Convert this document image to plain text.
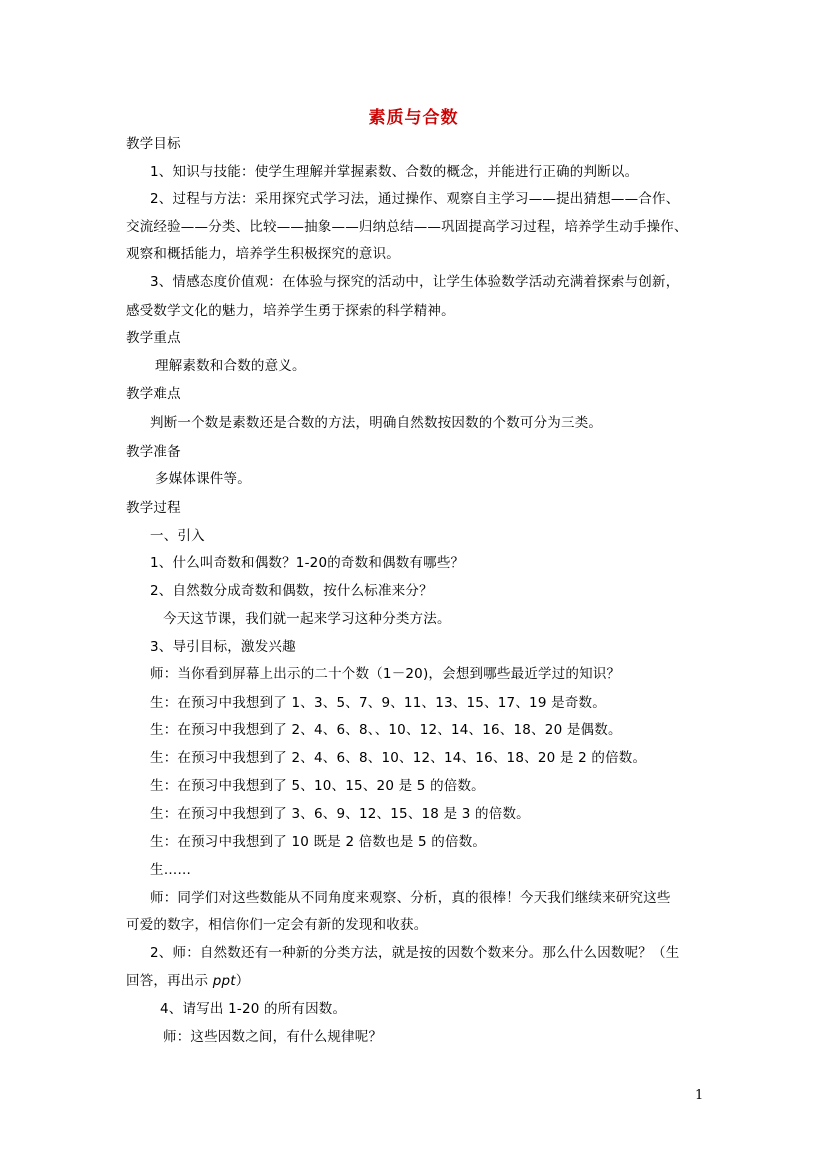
素质与合数
教学目标
1、知识与技能：使学生理解并掌握素数、合数的概念，并能进行正确的判断以。
2、过程与方法：采用探究式学习法，通过操作、观察自主学习——提出猜想——合作、
交流经验——分类、比较——抽象——归纳总结——巩固提高学习过程，培养学生动手操作、
观察和概括能力，培养学生积极探究的意识。
3、情感态度价值观：在体验与探究的活动中，让学生体验数学活动充满着探索与创新，
感受数学文化的魅力，培养学生勇于探索的科学精神。
教学重点
理解素数和合数的意义。
教学难点
判断一个数是素数还是合数的方法，明确自然数按因数的个数可分为三类。
教学准备
多媒体课件等。
教学过程
一、引入
1、什么叫奇数和偶数？1-20的奇数和偶数有哪些？
2、自然数分成奇数和偶数，按什么标准来分？
今天这节课，我们就一起来学习这种分类方法。
3、导引目标，激发兴趣
师：当你看到屏幕上出示的二十个数（1－20)，会想到哪些最近学过的知识？
生：在预习中我想到了 1、3、5、7、9、11、13、15、17、19 是奇数。
生：在预习中我想到了 2、4、6、8、、10、12、14、16、18、20 是偶数。
生：在预习中我想到了 2、4、6、8、10、12、14、16、18、20 是 2 的倍数。
生：在预习中我想到了 5、10、15、20 是 5 的倍数。
生：在预习中我想到了 3、6、9、12、15、18 是 3 的倍数。
生：在预习中我想到了 10 既是 2 倍数也是 5 的倍数。
生……
师：同学们对这些数能从不同角度来观察、分析，真的很棒！今天我们继续来研究这些
可爱的数字，相信你们一定会有新的发现和收获。
2、师：自然数还有一种新的分类方法，就是按的因数个数来分。那么什么因数呢？（生
回答，再出示 ppt）
4、请写出 1-20 的所有因数。
师：这些因数之间，有什么规律呢？
1
